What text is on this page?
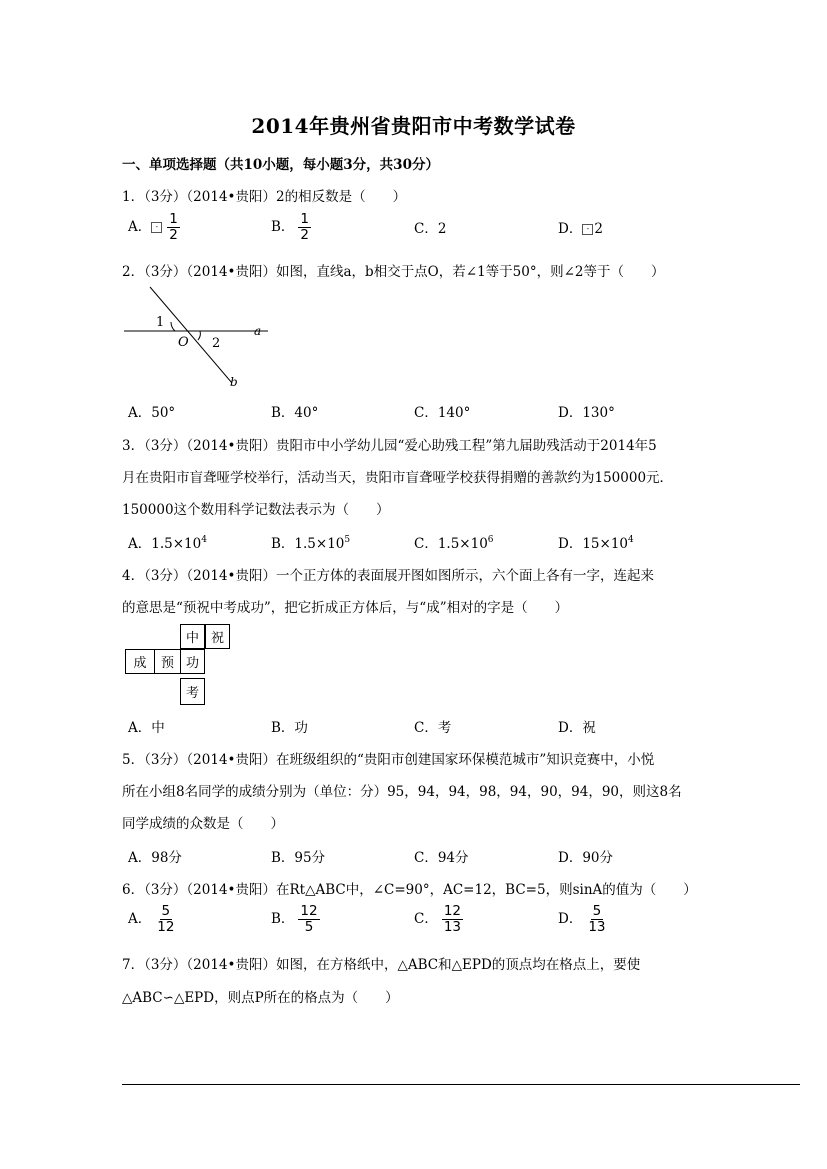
2014年贵州省贵阳市中考数学试卷
一、单项选择题（共10小题，每小题3分，共30分）
1．（3分）（2014•贵阳）2的相反数是（　　）
A． - $\frac{1}{2}$	B． $\frac{1}{2}$	C．2	D． - 2
2．（3分）（2014•贵阳）如图，直线a，b相交于点O，若∠1等于50°，则∠2等于（　　）
1
O 2
a
b
A．50°	B．40°	C．140°	D．130°
3．（3分）（2014•贵阳）贵阳市中小学幼儿园“爱心助残工程”第九届助残活动于2014年5
月在贵阳市盲聋哑学校举行，活动当天，贵阳市盲聋哑学校获得捐赠的善款约为150000元．
150000这个数用科学记数法表示为（　　）
A．$1.5\times 10^4$	B．$1.5\times 10^5$	C．$1.5\times 10^6$	D．$15\times 10^4$
4．（3分）（2014•贵阳）一个正方体的表面展开图如图所示，六个面上各有一字，连起来
的意思是“预祝中考成功”，把它折成正方体后，与“成”相对的字是（　　）
中 祝
成	预 功
考
A．中	B．功	C．考	D．祝
5．（3分）（2014•贵阳）在班级组织的“贵阳市创建国家环保模范城市”知识竞赛中，小悦
所在小组8名同学的成绩分别为（单位：分）95，94，94，98，94，90，94，90，则这8名
同学成绩的众数是（　　）
A．98分	B．95分	C．94分	D．90分
6．（3分）（2014•贵阳）在Rt△ABC中，∠C=90°，AC=12，BC=5，则sinA的值为（　　）
A． $\frac{5}{12}$	B． $\frac{12}{5}$	C． $\frac{12}{13}$	D． $\frac{5}{13}$
7．（3分）（2014•贵阳）如图，在方格纸中，△ABC和△EPD的顶点均在格点上，要使
△ABC∽△EPD，则点P所在的格点为（　　）
